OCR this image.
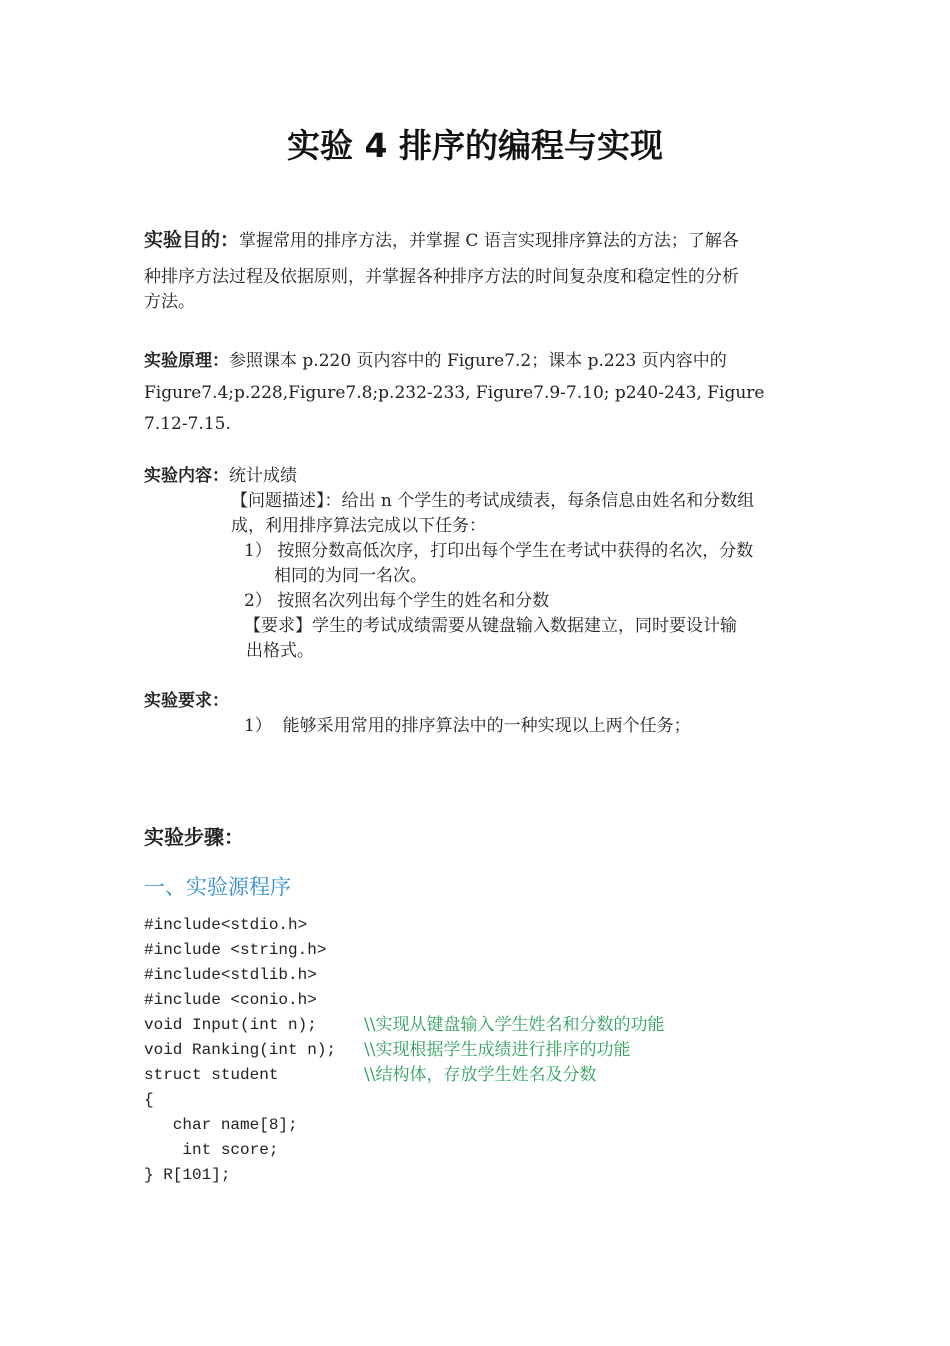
实验 4 排序的编程与实现
实验目的：掌握常用的排序方法，并掌握 C 语言实现排序算法的方法；了解各
种排序方法过程及依据原则，并掌握各种排序方法的时间复杂度和稳定性的分析
方法。
实验原理：参照课本 p.220 页内容中的 Figure7.2；课本 p.223 页内容中的
Figure7.4;p.228,Figure7.8;p.232-233, Figure7.9-7.10; p240-243, Figure
7.12-7.15.
实验内容：统计成绩
【问题描述】：给出 n 个学生的考试成绩表，每条信息由姓名和分数组
成，利用排序算法完成以下任务：
1） 按照分数高低次序，打印出每个学生在考试中获得的名次，分数
相同的为同一名次。
2） 按照名次列出每个学生的姓名和分数
【要求】学生的考试成绩需要从键盘输入数据建立，同时要设计输
出格式。
实验要求：
1）  能够采用常用的排序算法中的一种实现以上两个任务；
实验步骤：
一、实验源程序
#include<stdio.h>
#include <string.h>
#include<stdlib.h>
#include <conio.h>
void Input(int n);	\\实现从键盘输入学生姓名和分数的功能
void Ranking(int n); \\实现根据学生成绩进行排序的功能
struct student	\\结构体，存放学生姓名及分数
{
char name[8];
int score;
} R[101];
